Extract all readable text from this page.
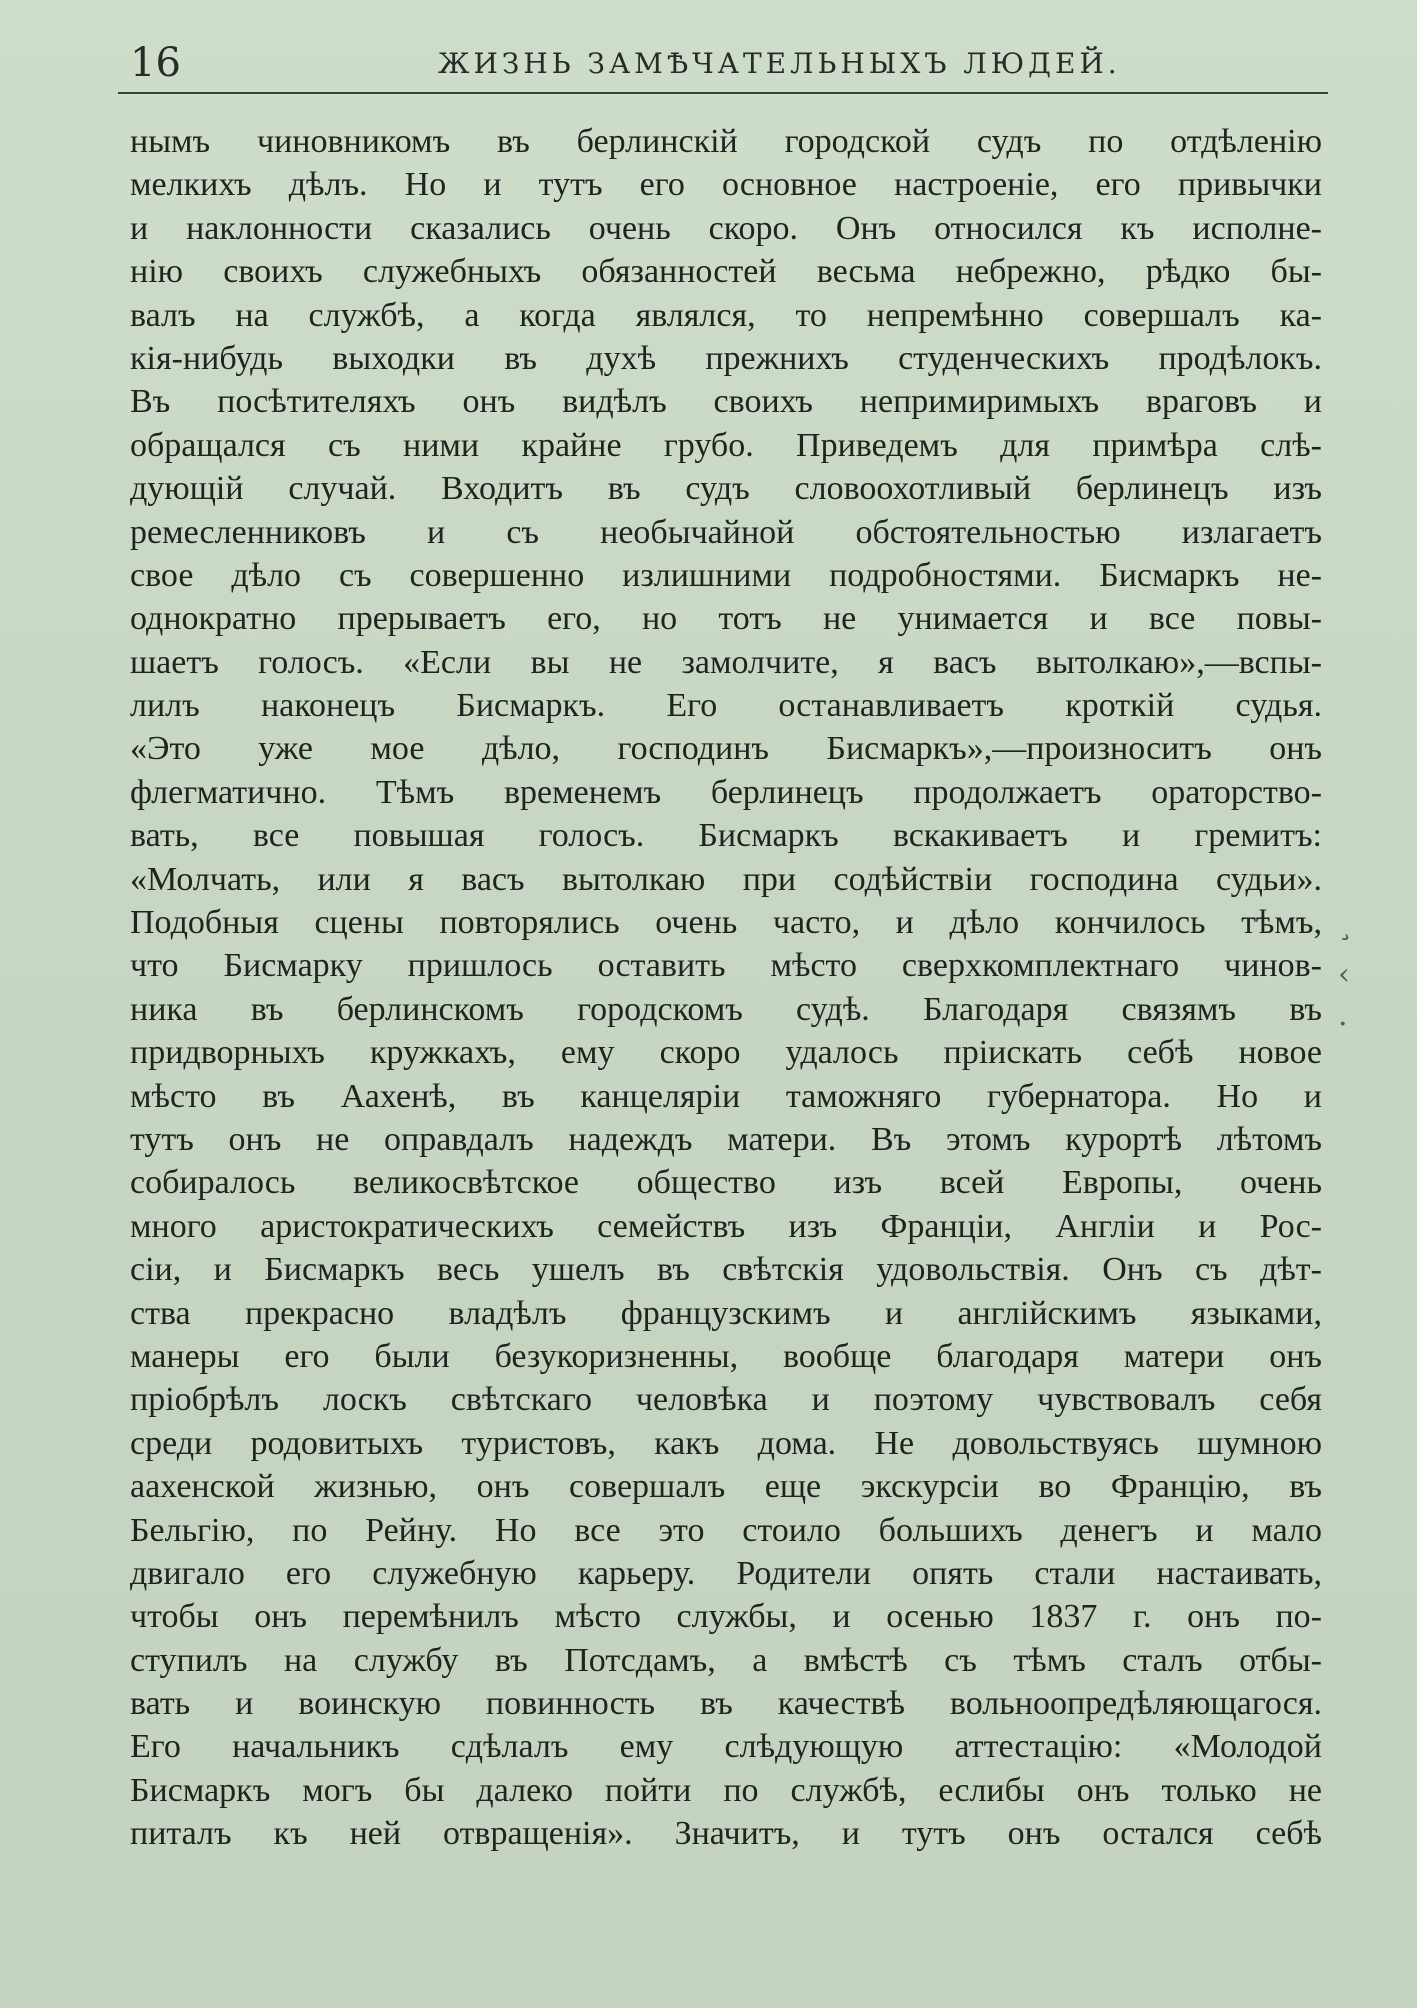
16	ЖИЗНЬ ЗАМѢЧАТЕЛЬНЫХЪ ЛЮДЕЙ.
нымъ чиновникомъ въ берлинскій городской судъ по отдѣленію
мелкихъ дѣлъ. Но и тутъ его основное настроеніе, его привычки
и наклонности сказались очень скоро. Онъ относился къ исполне-
нію своихъ служебныхъ обязанностей весьма небрежно, рѣдко бы-
валъ на службѣ, а когда являлся, то непремѣнно совершалъ ка-
кія-нибудь выходки въ духѣ прежнихъ студенческихъ продѣлокъ.
Въ посѣтителяхъ онъ видѣлъ своихъ непримиримыхъ враговъ и
обращался съ ними крайне грубо. Приведемъ для примѣра слѣ-
дующій случай. Входитъ въ судъ словоохотливый берлинецъ изъ
ремесленниковъ и съ необычайной обстоятельностью излагаетъ
свое дѣло съ совершенно излишними подробностями. Бисмаркъ не-
однократно прерываетъ его, но тотъ не унимается и все повы-
шаетъ голосъ. «Если вы не замолчите, я васъ вытолкаю»,—вспы-
лилъ наконецъ Бисмаркъ. Его останавливаетъ кроткій судья.
«Это уже мое дѣло, господинъ Бисмаркъ»,—произноситъ онъ
флегматично. Тѣмъ временемъ берлинецъ продолжаетъ ораторство-
вать, все повышая голосъ. Бисмаркъ вскакиваетъ и гремитъ:
«Молчать, или я васъ вытолкаю при содѣйствіи господина судьи».
Подобныя сцены повторялись очень часто, и дѣло кончилось тѣмъ,
что Бисмарку пришлось оставить мѣсто сверхкомплектнаго чинов-
ника въ берлинскомъ городскомъ судѣ. Благодаря связямъ въ
придворныхъ кружкахъ, ему скоро удалось пріискать себѣ новое
мѣсто въ Аахенѣ, въ канцеляріи таможняго губернатора. Но и
тутъ онъ не оправдалъ надеждъ матери. Въ этомъ курортѣ лѣтомъ
собиралось великосвѣтское общество изъ всей Европы, очень
много аристократическихъ семействъ изъ Франціи, Англіи и Рос-
сіи, и Бисмаркъ весь ушелъ въ свѣтскія удовольствія. Онъ съ дѣт-
ства прекрасно владѣлъ французскимъ и англійскимъ языками,
манеры его были безукоризненны, вообще благодаря матери онъ
пріобрѣлъ лоскъ свѣтскаго человѣка и поэтому чувствовалъ себя
среди родовитыхъ туристовъ, какъ дома. Не довольствуясь шумною
аахенской жизнью, онъ совершалъ еще экскурсіи во Францію, въ
Бельгію, по Рейну. Но все это стоило большихъ денегъ и мало
двигало его служебную карьеру. Родители опять стали настаивать,
чтобы онъ перемѣнилъ мѣсто службы, и осенью 1837 г. онъ по-
ступилъ на службу въ Потсдамъ, а вмѣстѣ съ тѣмъ сталъ отбы-
вать и воинскую повинность въ качествѣ вольноопредѣляющагося.
Его начальникъ сдѣлалъ ему слѣдующую аттестацію: «Молодой
Бисмаркъ могъ бы далеко пойти по службѣ, еслибы онъ только не
питалъ къ ней отвращенія». Значитъ, и тутъ онъ остался себѣ
¸
‹
·
